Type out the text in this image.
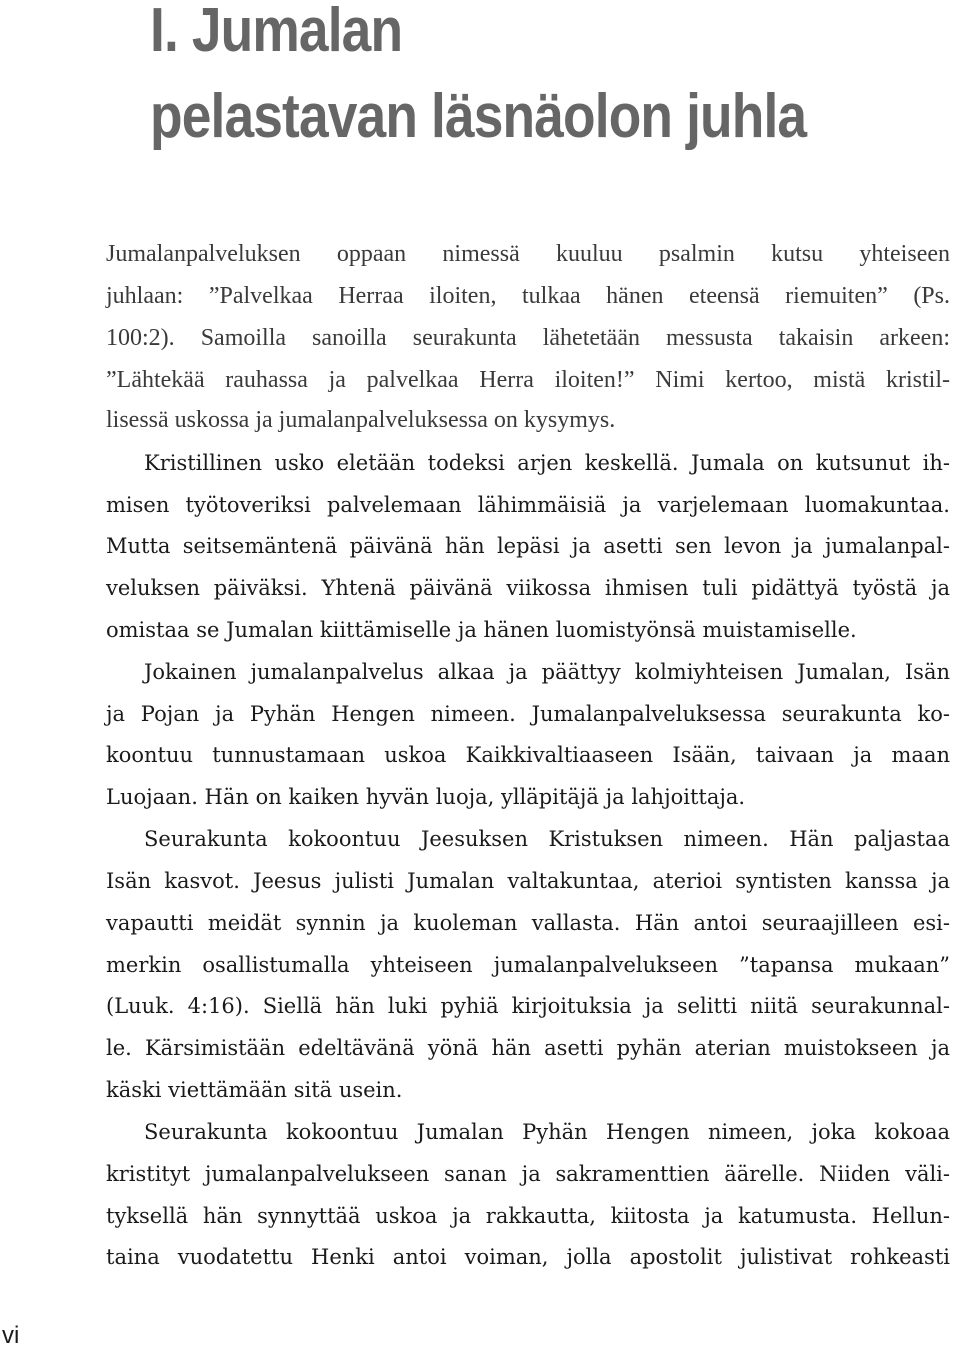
I. Jumalan
pelastavan läsnäolon juhla

Jumalanpalveluksen oppaan nimessä kuuluu psalmin kutsu yhteiseen

juhlaan: ”Palvelkaa Herraa iloiten, tulkaa hänen eteensä riemuiten” (Ps.

100:2). Samoilla sanoilla seurakunta lähetetään messusta takaisin arkeen:

”Lähtekää rauhassa ja palvelkaa Herra iloiten!” Nimi kertoo, mistä kristil-

lisessä uskossa ja jumalanpalveluksessa on kysymys.

Kristillinen usko eletään todeksi arjen keskellä. Jumala on kutsunut ih-

misen työtoveriksi palvelemaan lähimmäisiä ja varjelemaan luomakuntaa.

Mutta seitsemäntenä päivänä hän lepäsi ja asetti sen levon ja jumalanpal-

veluksen päiväksi. Yhtenä päivänä viikossa ihmisen tuli pidättyä työstä ja

omistaa se Jumalan kiittämiselle ja hänen luomistyönsä muistamiselle.

Jokainen jumalanpalvelus alkaa ja päättyy kolmiyhteisen Jumalan, Isän

ja Pojan ja Pyhän Hengen nimeen. Jumalanpalveluksessa seurakunta ko-

koontuu tunnustamaan uskoa Kaikkivaltiaaseen Isään, taivaan ja maan

Luojaan. Hän on kaiken hyvän luoja, ylläpitäjä ja lahjoittaja.

Seurakunta kokoontuu Jeesuksen Kristuksen nimeen. Hän paljastaa

Isän kasvot. Jeesus julisti Jumalan valtakuntaa, aterioi syntisten kanssa ja

vapautti meidät synnin ja kuoleman vallasta. Hän antoi seuraajilleen esi-

merkin osallistumalla yhteiseen jumalanpalvelukseen ”tapansa mukaan”

(Luuk. 4:16). Siellä hän luki pyhiä kirjoituksia ja selitti niitä seurakunnal-

le. Kärsimistään edeltävänä yönä hän asetti pyhän aterian muistokseen ja

käski viettämään sitä usein.

Seurakunta kokoontuu Jumalan Pyhän Hengen nimeen, joka kokoaa

kristityt jumalanpalvelukseen sanan ja sakramenttien äärelle. Niiden väli-

tyksellä hän synnyttää uskoa ja rakkautta, kiitosta ja katumusta. Hellun-

taina vuodatettu Henki antoi voiman, jolla apostolit julistivat rohkeasti

vi
